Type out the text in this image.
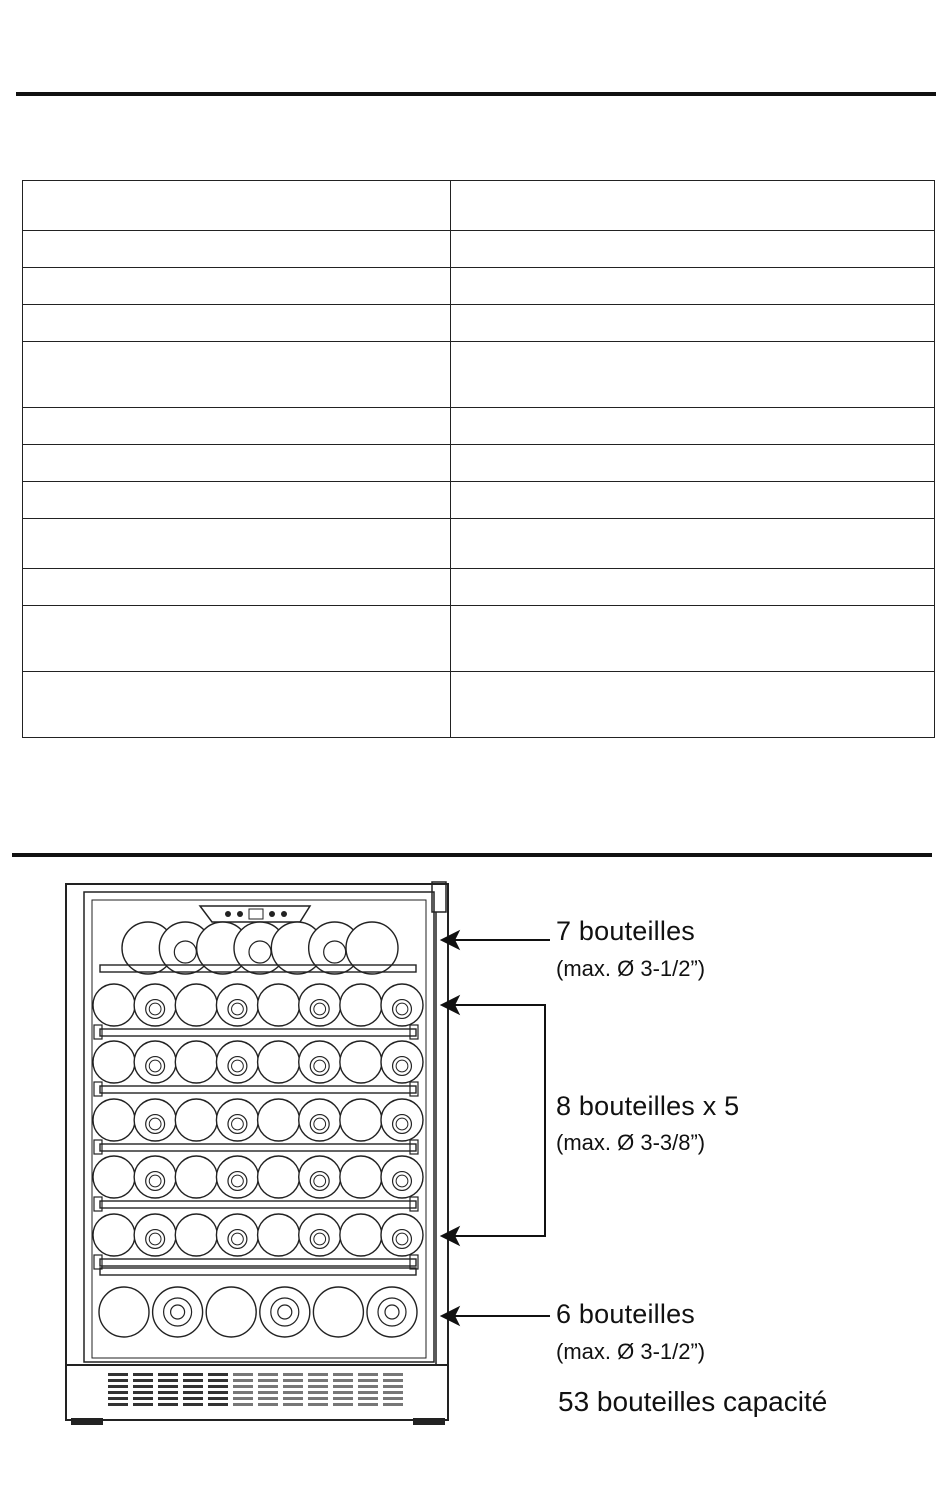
7 bouteilles
(max. Ø 3-1/2”)
8 bouteilles x 5
(max. Ø 3-3/8”)
6 bouteilles
(max. Ø 3-1/2”)
53 bouteilles capacité
